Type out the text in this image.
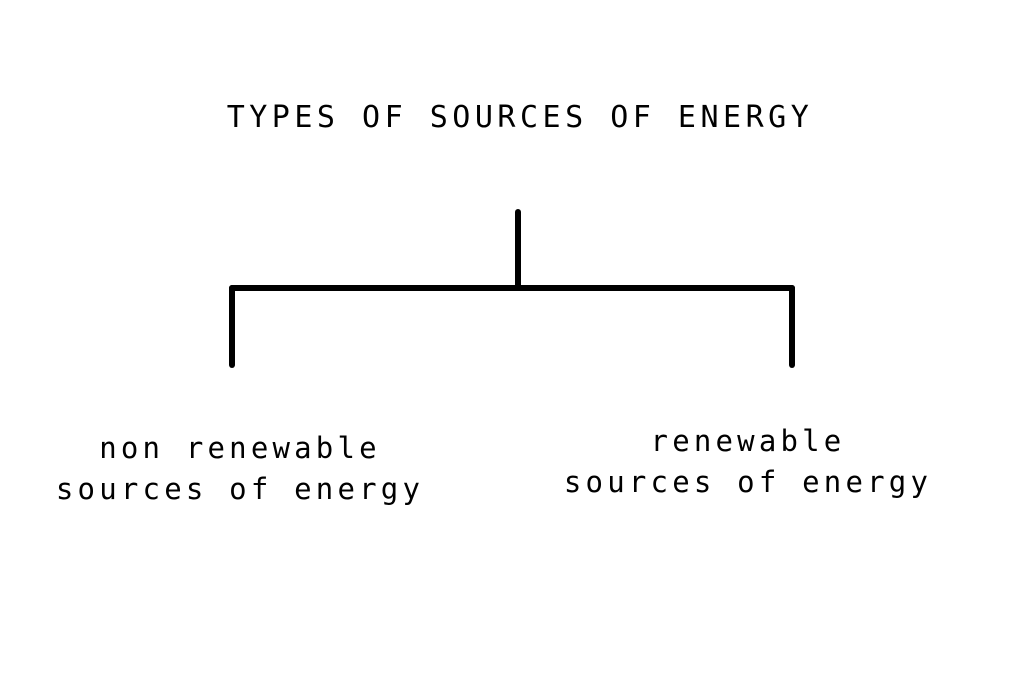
TYPES OF SOURCES OF ENERGY
non renewable
sources of energy
renewable
sources of energy
